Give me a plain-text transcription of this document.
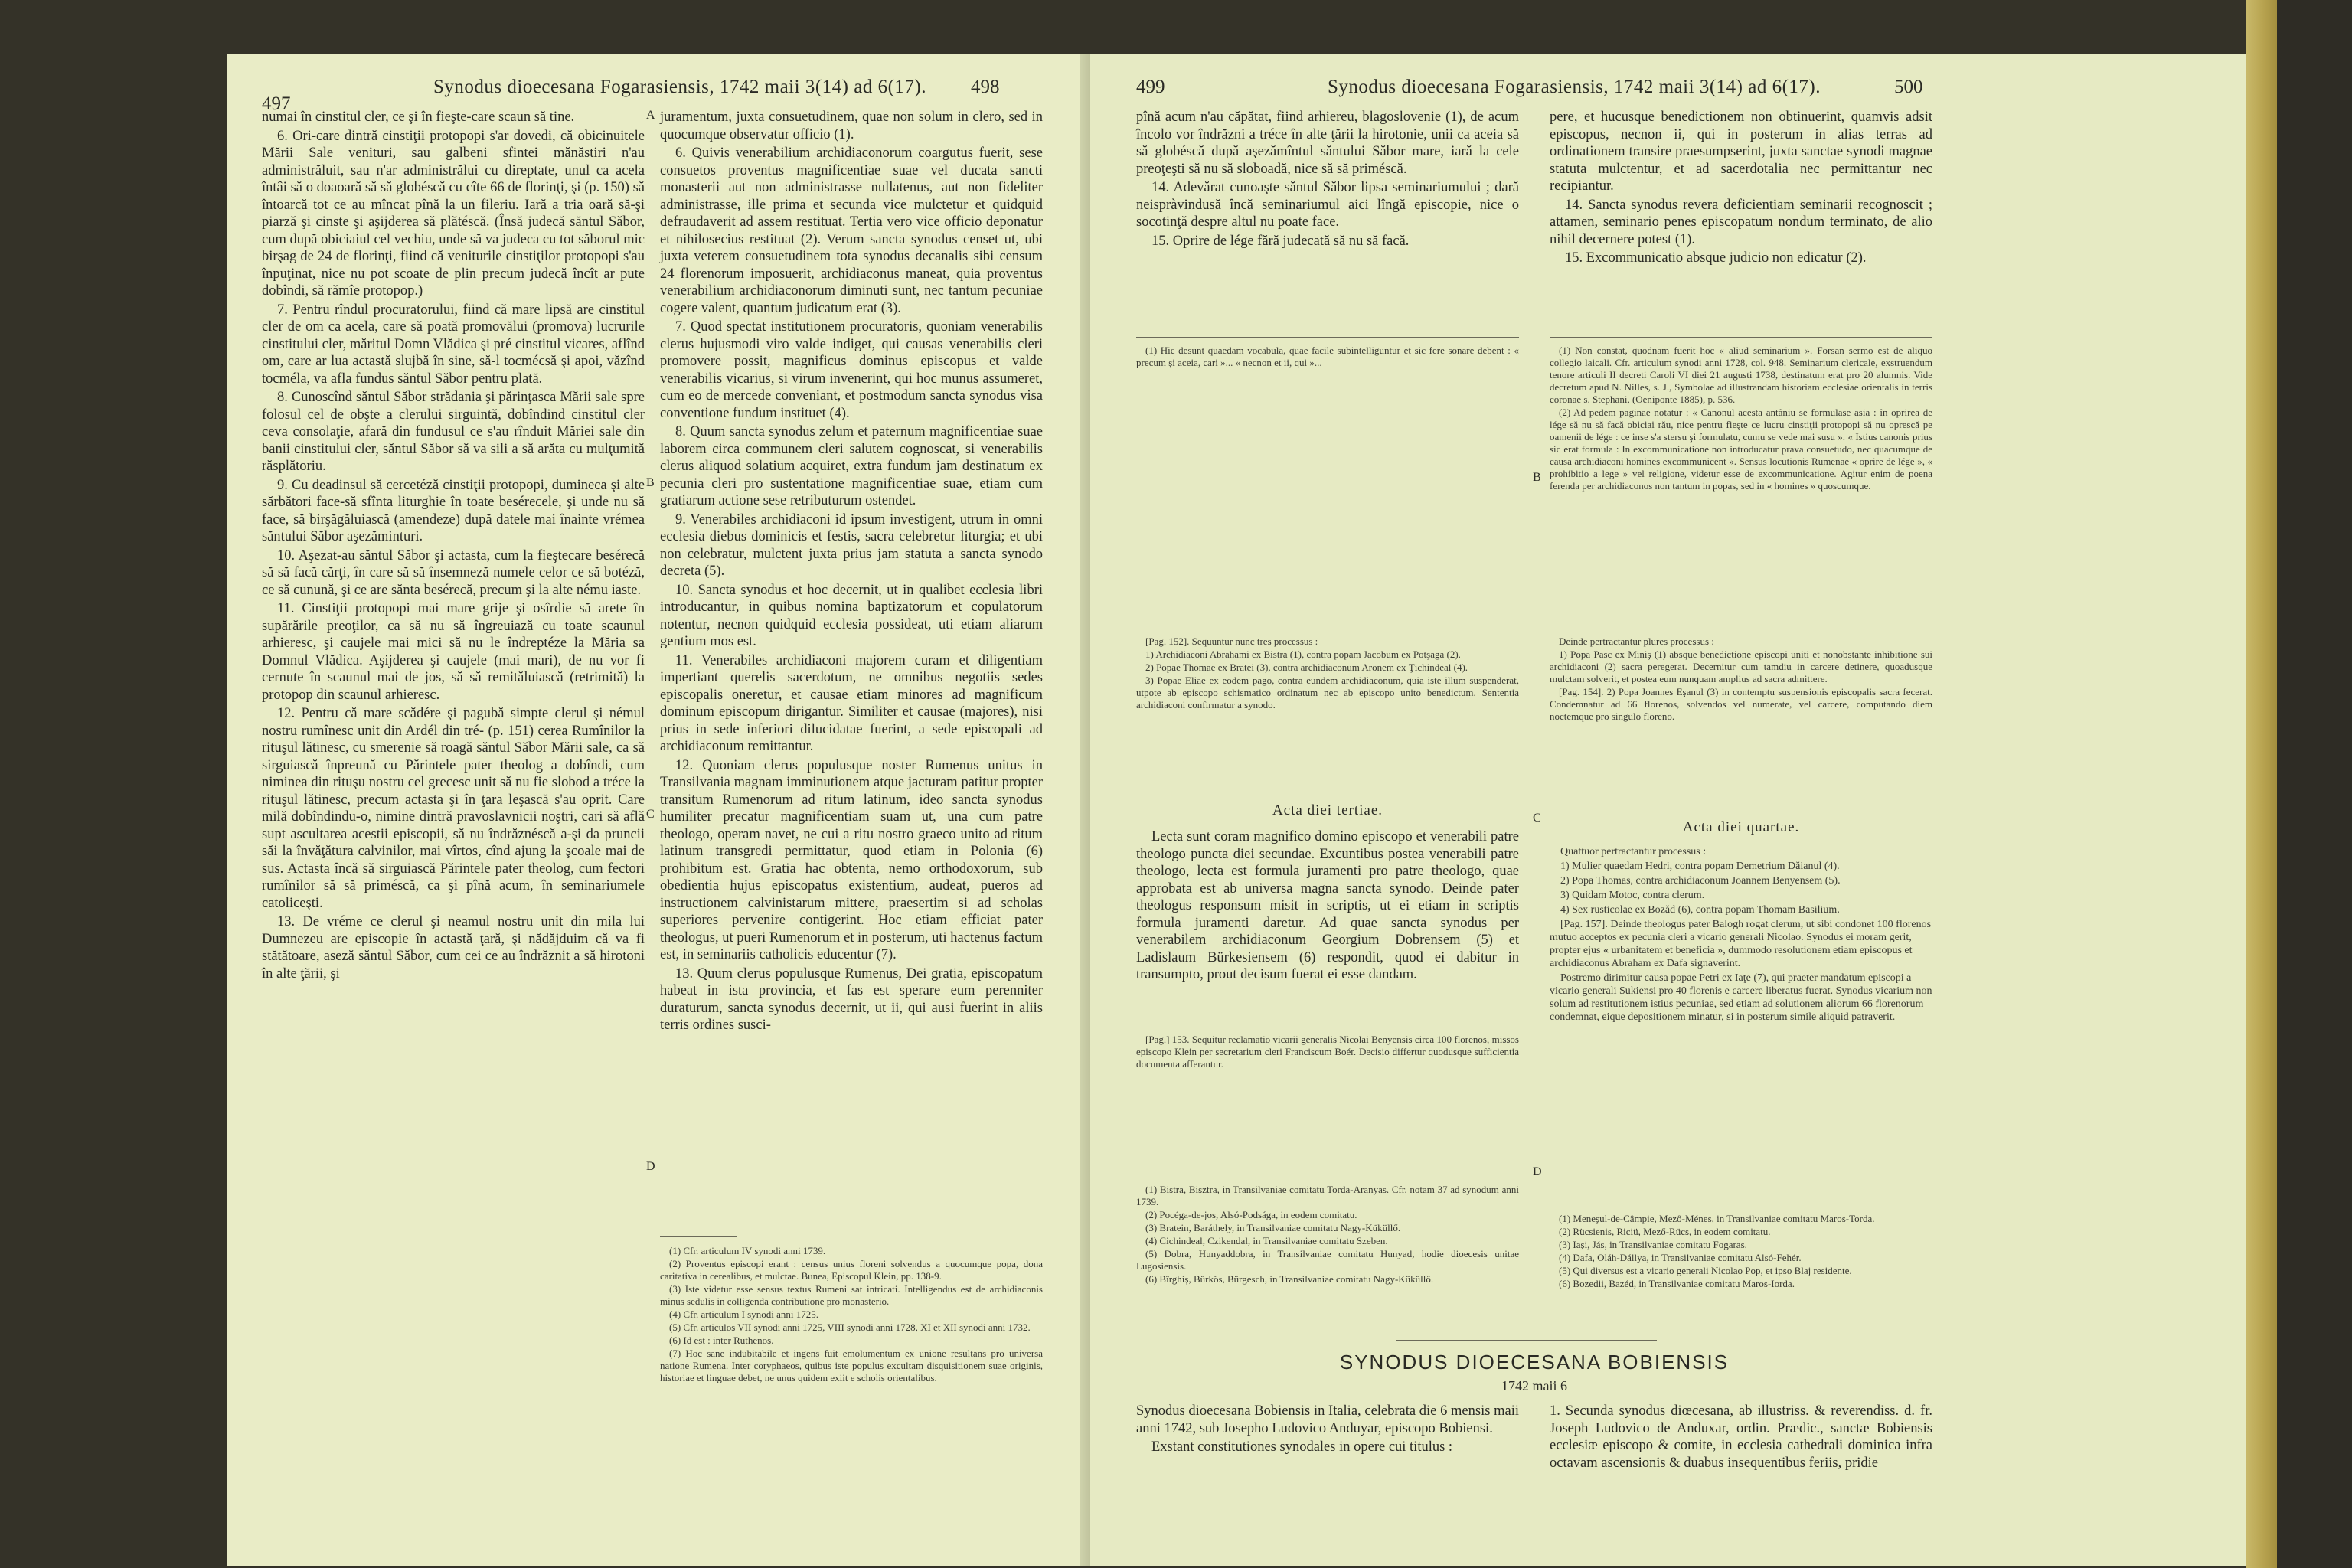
497
Synodus dioecesana Fogarasiensis, 1742 maii 3(14) ad 6(17). 498

numai în cinstitul cler, ce şi în fieşte-care scaun să tine.

6. Ori-care dintră cinstiţii protopopi s'ar dovedi, că obicinuitele Mării Sale venituri, sau galbeni sfintei mănăstiri n'au administrăluit, sau n'ar administrălui cu direptate, unul ca acela întâi să o doaoară să să globéscă cu cîte 66 de florinţi, şi (p. 150) să întoarcă tot ce au mîncat pînă la un fileriu. Iară a tria oară să-şi piarză şi cinste şi aşijderea să plătéscă. (Însă judecă săntul Săbor, cum după obiciaiul cel vechiu, unde să va judeca cu tot săborul mic birşag de 24 de florinţi, fiind că veniturile cinstiţilor protopopi s'au înpuţinat, nice nu pot scoate de plin precum judecă încît ar pute dobîndi, să rămîe protopop.)

7. Pentru rîndul procuratorului, fiind că mare lipsă are cinstitul cler de om ca acela, care să poată promovălui (promova) lucrurile cinstitului cler, măritul Domn Vlădica şi pré cinstitul vicares, aflînd om, care ar lua actastă slujbă în sine, să-l tocmécsă şi apoi, văzînd tocméla, va afla fundus săntul Săbor pentru plată.

8. Cunoscînd săntul Săbor strădania şi părinţasca Mării sale spre folosul cel de obşte a clerului sirguintă, dobîndind cinstitul cler ceva consolaţie, afară din fundusul ce s'au rînduit Măriei sale din banii cinstitului cler, săntul Săbor să va sili a să arăta cu mulţumită răsplătoriu.

9. Cu deadinsul să cercetéză cinstiţii protopopi, dumineca şi alte sărbători face-să sfînta liturghie în toate besérecele, şi unde nu să face, să birşăgăluiască (amendeze) după datele mai înainte vrémea săntului Săbor aşezăminturi.

10. Aşezat-au săntul Săbor şi actasta, cum la fieştecare besérecă să să facă cărţi, în care să să însemneză numele celor ce să botéză, ce să cunună, şi ce are sănta besérecă, precum şi la alte nému iaste.

11. Cinstiţii protopopi mai mare grije şi osîrdie să arete în supărările preoţilor, ca să nu să îngreuiază cu toate scaunul arhieresc, şi caujele mai mici să nu le îndreptéze la Măria sa Domnul Vlădica. Aşijderea şi caujele (mai mari), de nu vor fi cernute în scaunul mai de jos, să să remităluiască (retrimită) la protopop din scaunul arhieresc.

12. Pentru că mare scădére şi pagubă simpte clerul şi némul nostru rumînesc unit din Ardél din tré- (p. 151) cerea Rumînilor la rituşul lătinesc, cu smerenie să roagă săntul Săbor Mării sale, ca să sirguiască înpreună cu Părintele pater theolog a dobîndi, cum niminea din rituşu nostru cel grecesc unit să nu fie slobod a tréce la rituşul lătinesc, precum actasta şi în ţara leşască s'au oprit. Care milă dobîndindu-o, nimine dintră pravoslavnicii noştri, cari să află supt ascultarea acestii episcopii, să nu îndrăznéscă a-şi da pruncii săi la învăţătura calvinilor, mai vîrtos, cînd ajung la şcoale mai de sus. Actasta încă să sirguiască Părintele pater theolog, cum fectori rumînilor să să priméscă, ca şi pînă acum, în seminariumele catoliceşti.

13. De vréme ce clerul şi neamul nostru unit din mila lui Dumnezeu are episcopie în actastă ţară, şi nădăjduim că va fi stătătoare, aseză săntul Săbor, cum cei ce au îndrăznit a să hirotoni în alte ţării, şi

juramentum, juxta consuetudinem, quae non solum in clero, sed in quocumque observatur officio (1).

6. Quivis venerabilium archidiaconorum coargutus fuerit, sese consuetos proventus magnificentiae suae vel ducata sancti monasterii aut non administrasse nullatenus, aut non fideliter administrasse, ille prima et secunda vice mulctetur et quidquid defraudaverit ad assem restituat. Tertia vero vice officio deponatur et nihilosecius restituat (2). Verum sancta synodus censet ut, ubi juxta veterem consuetudinem tota synodus decanalis sibi censum 24 florenorum imposuerit, archidiaconus maneat, quia proventus venerabilium archidiaconorum diminuti sunt, nec tantum pecuniae cogere valent, quantum judicatum erat (3).

7. Quod spectat institutionem procuratoris, quoniam venerabilis clerus hujusmodi viro valde indiget, qui causas venerabilis cleri promovere possit, magnificus dominus episcopus et valde venerabilis vicarius, si virum invenerint, qui hoc munus assumeret, cum eo de mercede conveniant, et postmodum sancta synodus visa conventione fundum instituet (4).

8. Quum sancta synodus zelum et paternum magnificentiae suae laborem circa communem cleri salutem cognoscat, si venerabilis clerus aliquod solatium acquiret, extra fundum jam destinatum ex pecunia cleri pro sustentatione magnificentiae suae, etiam cum gratiarum actione sese retributurum ostendet.

9. Venerabiles archidiaconi id ipsum investigent, utrum in omni ecclesia diebus dominicis et festis, sacra celebretur liturgia; et ubi non celebratur, mulctent juxta prius jam statuta a sancta synodo decreta (5).

10. Sancta synodus et hoc decernit, ut in qualibet ecclesia libri introducantur, in quibus nomina baptizatorum et copulatorum notentur, necnon quidquid ecclesia possideat, uti etiam aliarum gentium mos est.

11. Venerabiles archidiaconi majorem curam et diligentiam impertiant querelis sacerdotum, ne omnibus negotiis sedes episcopalis oneretur, et causae etiam minores ad magnificum dominum episcopum dirigantur. Similiter et causae (majores), nisi prius in sede inferiori dilucidatae fuerint, a sede episcopali ad archidiaconum remittantur.

12. Quoniam clerus populusque noster Rumenus unitus in Transilvania magnam imminutionem atque jacturam patitur propter transitum Rumenorum ad ritum latinum, ideo sancta synodus humiliter precatur magnificentiam suam ut, una cum patre theologo, operam navet, ne cui a ritu nostro graeco unito ad ritum latinum transgredi permittatur, quod etiam in Polonia (6) prohibitum est. Gratia hac obtenta, nemo orthodoxorum, sub obedientia hujus episcopatus existentium, audeat, pueros ad instructionem calvinistarum mittere, praesertim si ad scholas superiores pervenire contigerint. Hoc etiam efficiat pater theologus, ut pueri Rumenorum et in posterum, uti hactenus factum est, in seminariis catholicis educentur (7).

13. Quum clerus populusque Rumenus, Dei gratia, episcopatum habeat in ista provincia, et fas est sperare eum perenniter duraturum, sancta synodus decernit, ut ii, qui ausi fuerint in aliis terris ordines susci-

A
B
C
D

(1) Cfr. articulum IV synodi anni 1739.

(2) Proventus episcopi erant : census unius floreni solvendus a quocumque popa, dona caritativa in cerealibus, et mulctae. Bunea, Episcopul Klein, pp. 138-9.

(3) Iste videtur esse sensus textus Rumeni sat intricati. Intelligendus est de archidiaconis minus sedulis in colligenda contributione pro monasterio.

(4) Cfr. articulum I synodi anni 1725.

(5) Cfr. articulos VII synodi anni 1725, VIII synodi anni 1728, XI et XII synodi anni 1732.

(6) Id est : inter Ruthenos.

(7) Hoc sane indubitabile et ingens fuit emolumentum ex unione resultans pro universa natione Rumena. Inter coryphaeos, quibus iste populus excultam disquisitionem suae originis, historiae et linguae debet, ne unus quidem exiit e scholis orientalibus.

499	Synodus dioecesana Fogarasiensis, 1742 maii 3(14) ad 6(17).	500

pînă acum n'au căpătat, fiind arhiereu, blagoslovenie (1), de acum încolo vor îndrăzni a tréce în alte ţării la hirotonie, unii ca aceia să să globéscă după aşezămîntul săntului Săbor mare, iară la cele preoţeşti să nu să sloboadă, nice să să priméscă.

14. Adevărat cunoaşte săntul Săbor lipsa seminariumului ; dară neispràvindusă încă seminariumul aici lîngă episcopie, nice o socotinţă despre altul nu poate face.

15. Oprire de lége fără judecată să nu să facă.

pere, et hucusque benedictionem non obtinuerint, quamvis adsit episcopus, necnon ii, qui in posterum in alias terras ad ordinationem transire praesumpserint, juxta sanctae synodi magnae statuta mulctentur, et ad sacerdotalia nec permittantur nec recipiantur.

14. Sancta synodus revera deficientiam seminarii recognoscit ; attamen, seminario penes episcopatum nondum terminato, de alio nihil decernere potest (1).

15. Excommunicatio absque judicio non edicatur (2).

(1) Hic desunt quaedam vocabula, quae facile subintelliguntur et sic fere sonare debent : « precum şi aceia, cari »... « necnon et ii, qui »...

(1) Non constat, quodnam fuerit hoc « aliud seminarium ». Forsan sermo est de aliquo collegio laicali. Cfr. articulum synodi anni 1728, col. 948. Seminarium clericale, exstruendum tenore articuli II decreti Caroli VI diei 21 augusti 1738, destinatum erat pro 20 alumnis. Vide decretum apud N. Nilles, s. J., Symbolae ad illustrandam historiam ecclesiae orientalis in terris coronae s. Stephani, (Oeniponte 1885), p. 536.

(2) Ad pedem paginae notatur : « Canonul acesta antâniu se formulase asia : în oprirea de lége să nu să facă obiciai rău, nice pentru fieşte ce lucru cinstiţii protopopi să nu oprescă pe oamenii de lége : ce inse s'a stersu şi formulatu, cumu se vede mai susu ». « Istius canonis prius sic erat formula : In excommunicatione non introducatur prava consuetudo, nec quacumque de causa archidiaconi homines excommunicent ». Sensus locutionis Rumenae « oprire de lége », « prohibitio a lege » vel religione, videtur esse de excommunicatione. Agitur enim de poena ferenda per archidiaconos non tantum in popas, sed in « homines » quoscumque.

B

[Pag. 152]. Sequuntur nunc tres processus :

1) Archidiaconi Abrahami ex Bistra (1), contra popam Jacobum ex Potşaga (2).

2) Popae Thomae ex Bratei (3), contra archidiaconum Aronem ex Ţichindeal (4).

3) Popae Eliae ex eodem pago, contra eundem archidiaconum, quia iste illum suspenderat, utpote ab episcopo schismatico ordinatum nec ab episcopo unito benedictum. Sententia archidiaconi confirmatur a synodo.

Deinde pertractantur plures processus :

1) Popa Pasc ex Miniş (1) absque benedictione episcopi uniti et nonobstante inhibitione sui archidiaconi (2) sacra peregerat. Decernitur cum tamdiu in carcere detinere, quoadusque mulctam solverit, et postea eum nunquam amplius ad sacra admittere.

[Pag. 154]. 2) Popa Joannes Eşanul (3) in contemptu suspensionis episcopalis sacra fecerat. Condemnatur ad 66 florenos, solvendos vel numerate, vel carcere, computando diem noctemque pro singulo floreno.

Acta diei tertiae.	C

Lecta sunt coram magnifico domino episcopo et venerabili patre theologo puncta diei secundae. Excuntibus postea venerabili patre theologo, lecta est formula juramenti pro patre theologo, quae approbata est ab universa magna sancta synodo. Deinde pater theologus responsum misit in scriptis, ut ei etiam in scriptis formula juramenti daretur. Ad quae sancta synodus per venerabilem archidiaconum Georgium Dobrensem (5) et Ladislaum Bürkesiensem (6) respondit, quod ei dabitur in transumpto, prout decisum fuerat ei esse dandam.

[Pag.] 153. Sequitur reclamatio vicarii generalis Nicolai Benyensis circa 100 florenos, missos episcopo Klein per secretarium cleri Franciscum Boér. Decisio differtur quodusque sufficientia documenta afferantur.

Acta diei quartae.

Quattuor pertractantur processus :

1) Mulier quaedam Hedri, contra popam Demetrium Dăianul (4).

2) Popa Thomas, contra archidiaconum Joannem Benyensem (5).

3) Quidam Motoc, contra clerum.

4) Sex rusticolae ex Bozăd (6), contra popam Thomam Basilium.

[Pag. 157]. Deinde theologus pater Balogh rogat clerum, ut sibi condonet 100 florenos mutuo acceptos ex pecunia cleri a vicario generali Nicolao. Synodus ei moram gerit, propter ejus « urbanitatem et beneficia », dummodo resolutionem etiam episcopus et archidiaconus Abraham ex Dafa signaverint.

Postremo dirimitur causa popae Petri ex Iaţe (7), qui praeter mandatum episcopi a vicario generali Sukiensi pro 40 florenis e carcere liberatus fuerat. Synodus vicarium non solum ad restitutionem istius pecuniae, sed etiam ad solutionem aliorum 66 florenorum condemnat, eique depositionem minatur, si in posterum simile aliquid patraverit.

(1) Bistra, Bisztra, in Transilvaniae comitatu Torda-Aranyas. Cfr. notam 37 ad synodum anni 1739.

(2) Pocéga-de-jos, Alsó-Podsága, in eodem comitatu.

(3) Bratein, Baráthely, in Transilvaniae comitatu Nagy-Küküllő.

(4) Cichindeal, Czikendal, in Transilvaniae comitatu Szeben.

(5) Dobra, Hunyaddobra, in Transilvaniae comitatu Hunyad, hodie dioecesis unitae Lugosiensis.

(6) Bîrghiș, Bürkös, Bürgesch, in Transilvaniae comitatu Nagy-Küküllő.

D

(1) Meneşul-de-Câmpie, Mező-Ménes, in Transilvaniae comitatu Maros-Torda.

(2) Rücsienis, Riciü, Mező-Rücs, in eodem comitatu.

(3) Iaşi, Jás, in Transilvaniae comitatu Fogaras.

(4) Dafa, Oláh-Dállya, in Transilvaniae comitatu Alsó-Fehér.

(5) Qui diversus est a vicario generali Nicolao Pop, et ipso Blaj residente.

(6) Bozedii, Bazéd, in Transilvaniae comitatu Maros-Iorda.

SYNODUS DIOECESANA BOBIENSIS
1742 maii 6

Synodus dioecesana Bobiensis in Italia, celebrata die 6 mensis maii anni 1742, sub Josepho Ludovico Anduyar, episcopo Bobiensi.

Exstant constitutiones synodales in opere cui titulus :

1. Secunda synodus diœcesana, ab illustriss. & reverendiss. d. fr. Joseph Ludovico de Anduxar, ordin. Prædic., sanctæ Bobiensis ecclesiæ episcopo & comite, in ecclesia cathedrali dominica infra octavam ascensionis & duabus insequentibus feriis, pridie
